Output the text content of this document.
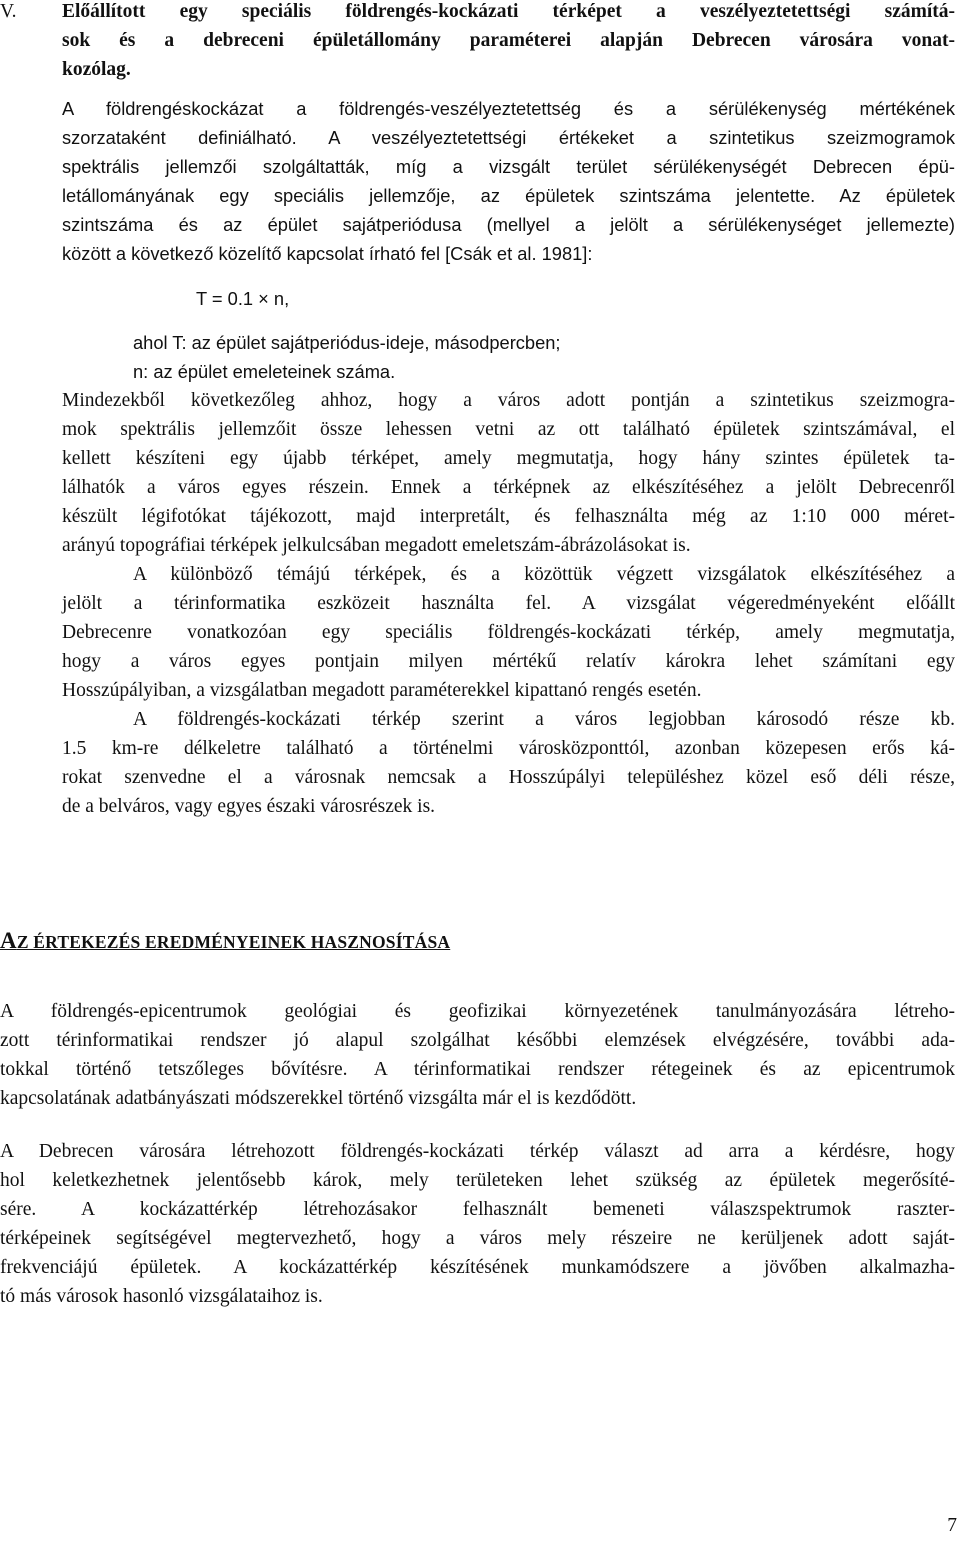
V. Előállított egy speciális földrengés-kockázati térképet a veszélyeztetettségi számítá-
sok és a debreceni épületállomány paraméterei alapján Debrecen városára vonat-
kozólag.
A földrengéskockázat a földrengés-veszélyeztetettség és a sérülékenység mértékének
szorzataként definiálható. A veszélyeztetettségi értékeket a szintetikus szeizmogramok
spektrális jellemzői szolgáltatták, míg a vizsgált terület sérülékenységét Debrecen épü-
letállományának egy speciális jellemzője, az épületek szintszáma jelentette. Az épületek
szintszáma és az épület sajátperiódusa (mellyel a jelölt a sérülékenységet jellemezte)
között a következő közelítő kapcsolat írható fel [Csák et al. 1981]:
T = 0.1 × n,
ahol T: az épület sajátperiódus-ideje, másodpercben;
n: az épület emeleteinek száma.
Mindezekből következőleg ahhoz, hogy a város adott pontján a szintetikus szeizmogra-
mok spektrális jellemzőit össze lehessen vetni az ott található épületek szintszámával, el
kellett készíteni egy újabb térképet, amely megmutatja, hogy hány szintes épületek ta-
lálhatók a város egyes részein. Ennek a térképnek az elkészítéséhez a jelölt Debrecenről
készült légifotókat tájékozott, majd interpretált, és felhasználta még az 1:10 000 méret-
arányú topográfiai térképek jelkulcsában megadott emeletszám-ábrázolásokat is.
A különböző témájú térképek, és a közöttük végzett vizsgálatok elkészítéséhez a
jelölt a térinformatika eszközeit használta fel. A vizsgálat végeredményeként előállt
Debrecenre vonatkozóan egy speciális földrengés-kockázati térkép, amely megmutatja,
hogy a város egyes pontjain milyen mértékű relatív károkra lehet számítani egy
Hosszúpályiban, a vizsgálatban megadott paraméterekkel kipattanó rengés esetén.
A földrengés-kockázati térkép szerint a város legjobban károsodó része kb.
1.5 km-re délkeletre található a történelmi városközponttól, azonban közepesen erős ká-
rokat szenvedne el a városnak nemcsak a Hosszúpályi településhez közel eső déli része,
de a belváros, vagy egyes északi városrészek is.
AZ ÉRTEKEZÉS EREDMÉNYEINEK HASZNOSÍTÁSA
A földrengés-epicentrumok geológiai és geofizikai környezetének tanulmányozására létreho-
zott térinformatikai rendszer jó alapul szolgálhat későbbi elemzések elvégzésére, további ada-
tokkal történő tetszőleges bővítésre. A térinformatikai rendszer rétegeinek és az epicentrumok
kapcsolatának adatbányászati módszerekkel történő vizsgálta már el is kezdődött.
A Debrecen városára létrehozott földrengés-kockázati térkép választ ad arra a kérdésre, hogy
hol keletkezhetnek jelentősebb károk, mely területeken lehet szükség az épületek megerősíté-
sére. A kockázattérkép létrehozásakor felhasznált bemeneti válaszspektrumok raszter-
térképeinek segítségével megtervezhető, hogy a város mely részeire ne kerüljenek adott saját-
frekvenciájú épületek. A kockázattérkép készítésének munkamódszere a jövőben alkalmazha-
tó más városok hasonló vizsgálataihoz is.
7
